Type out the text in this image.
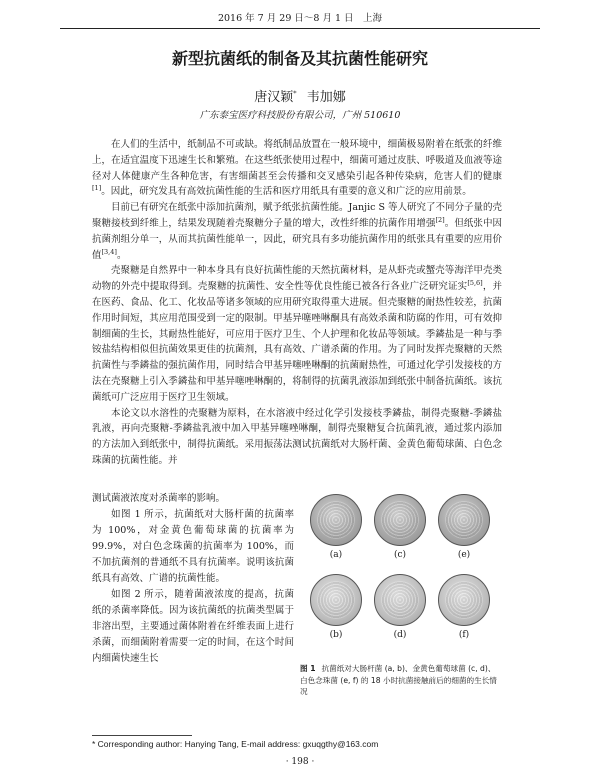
2016 年 7 月 29 日～8 月 1 日　上海
新型抗菌纸的制备及其抗菌性能研究
唐汉颖* 韦加娜
广东泰宝医疗科技股份有限公司，广州 510610

在人们的生活中，纸制品不可或缺。将纸制品放置在一般环境中，细菌极易附着在纸张的纤维上，在适宜温度下迅速生长和繁殖。在这些纸张使用过程中，细菌可通过皮肤、呼吸道及血液等途径对人体健康产生各种危害，有害细菌甚至会传播和交叉感染引起各种传染病，危害人们的健康[1]。因此，研究发具有高效抗菌性能的生活和医疗用纸具有重要的意义和广泛的应用前景。

目前已有研究在纸张中添加抗菌剂，赋予纸张抗菌性能。Janjic S 等人研究了不同分子量的壳聚糖接枝到纤维上，结果发现随着壳聚糖分子量的增大，改性纤维的抗菌作用增强[2]。但纸张中因抗菌剂组分单一，从而其抗菌性能单一，因此，研究具有多功能抗菌作用的纸张具有重要的应用价值[3,4]。

壳聚糖是自然界中一种本身具有良好抗菌性能的天然抗菌材料，是从虾壳或蟹壳等海洋甲壳类动物的外壳中提取得到。壳聚糖的抗菌性、安全性等优良性能已被各行各业广泛研究证实[5,6]，并在医药、食品、化工、化妆品等诸多领域的应用研究取得重大进展。但壳聚糖的耐热性较差，抗菌作用时间短，其应用范围受到一定的限制。甲基异噻唑啉酮具有高效杀菌和防腐的作用，可有效抑制细菌的生长，其耐热性能好，可应用于医疗卫生、个人护理和化妆品等领域。季鏻盐是一种与季铵盐结构相似但抗菌效果更佳的抗菌剂，具有高效、广谱杀菌的作用。为了同时发挥壳聚糖的天然抗菌性与季鏻盐的强抗菌作用，同时结合甲基异噻唑啉酮的抗菌耐热性，可通过化学引发接枝的方法在壳聚糖上引入季鏻盐和甲基异噻唑啉酮的，将制得的抗菌乳液添加到纸张中制备抗菌纸。该抗菌纸可广泛应用于医疗卫生领域。

本论文以水溶性的壳聚糖为原料，在水溶液中经过化学引发接枝季鏻盐，制得壳聚糖-季鏻盐乳液，再向壳聚糖-季鏻盐乳液中加入甲基异噻唑啉酮，制得壳聚糖复合抗菌乳液，通过浆内添加的方法加入到纸张中，制得抗菌纸。采用振荡法测试抗菌纸对大肠杆菌、金黄色葡萄球菌、白色念珠菌的抗菌性能。并

测试菌液浓度对杀菌率的影响。

如图 1 所示，抗菌纸对大肠杆菌的抗菌率为 100%，对金黄色葡萄球菌的抗菌率为 99.9%，对白色念珠菌的抗菌率为 100%，而不加抗菌剂的普通纸不具有抗菌率。说明该抗菌纸具有高效、广谱的抗菌性能。

如图 2 所示，随着菌液浓度的提高，抗菌纸的杀菌率降低。因为该抗菌纸的抗菌类型属于非溶出型，主要通过菌体附着在纤维表面上进行杀菌，而细菌附着需要一定的时间，在这个时间内细菌快速生长

(a)	(c)	(e)
(b)	(d)	(f)
图 1 抗菌纸对大肠杆菌 (a, b)、金黄色葡萄球菌 (c, d)、白色念珠菌 (e, f) 的 18 小时抗菌接触前后的细菌的生长情况
* Corresponding author: Hanying Tang, E-mail address: gxuqgthy@163.com
· 198 ·
